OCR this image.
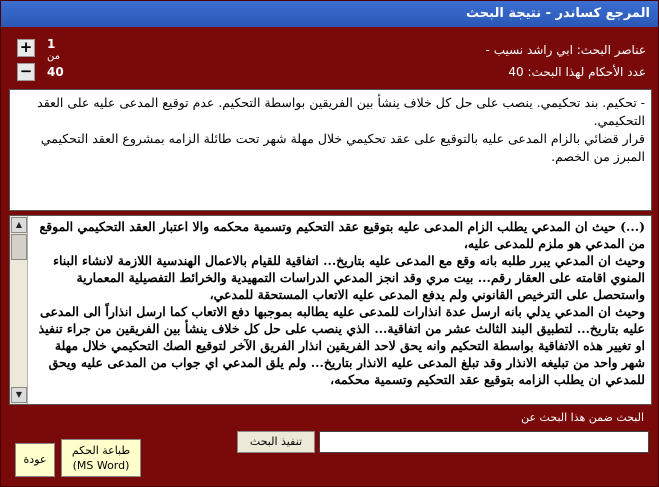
المرجع كساندر - نتيجة البحث
عناصر البحث: ابي راشد نسيب -
عدد الأحكام لهذا البحث: 40
+
−
1
من
40

- تحكيم. بند تحكيمي. ينصب على حل كل خلاف ينشأ بين الفريقين بواسطة التحكيم. عدم توقيع المدعى عليه على العقد التحكيمي.

قرار قضائي بالزام المدعى عليه بالتوقيع على عقد تحكيمي خلال مهلة شهر تحت طائلة الزامه بمشروع العقد التحكيمي المبرز من الخصم.

▲
▼

(...) حيث ان المدعي يطلب الزام المدعى عليه بتوقيع عقد التحكيم وتسمية محكمه والا اعتبار العقد التحكيمي الموقع من المدعي هو ملزم للمدعى عليه،

وحيث ان المدعي يبرر طلبه بانه وقع مع المدعى عليه بتاريخ... اتفاقية للقيام بالاعمال الهندسية اللازمة لانشاء البناء المنوي اقامته على العقار رقم... بيت مري وقد انجز المدعي الدراسات التمهيدية والخرائط التفصيلية المعمارية واستحصل على الترخيص القانوني ولم يدفع المدعى عليه الاتعاب المستحقة للمدعي،

وحيث ان المدعي يدلي بانه ارسل عدة انذارات للمدعى عليه يطالبه بموجبها دفع الاتعاب كما ارسل انذاراً الى المدعى عليه بتاريخ... لتطبيق البند الثالث عشر من اتفاقية... الذي ينصب على حل كل خلاف ينشأ بين الفريقين من جراء تنفيذ او تغيير هذه الاتفاقية بواسطة التحكيم وانه يحق لاحد الفريقين انذار الفريق الآخر لتوقيع الصك التحكيمي خلال مهلة شهر واحد من تبليغه الانذار وقد تبلغ المدعى عليه الانذار بتاريخ... ولم يلق المدعي اي جواب من المدعى عليه ويحق للمدعي ان يطلب الزامه بتوقيع عقد التحكيم وتسمية محكمه،

البحث ضمن هذا البحث عن
تنفيذ البحث
طباعة الحكم
(MS Word)
عودة
